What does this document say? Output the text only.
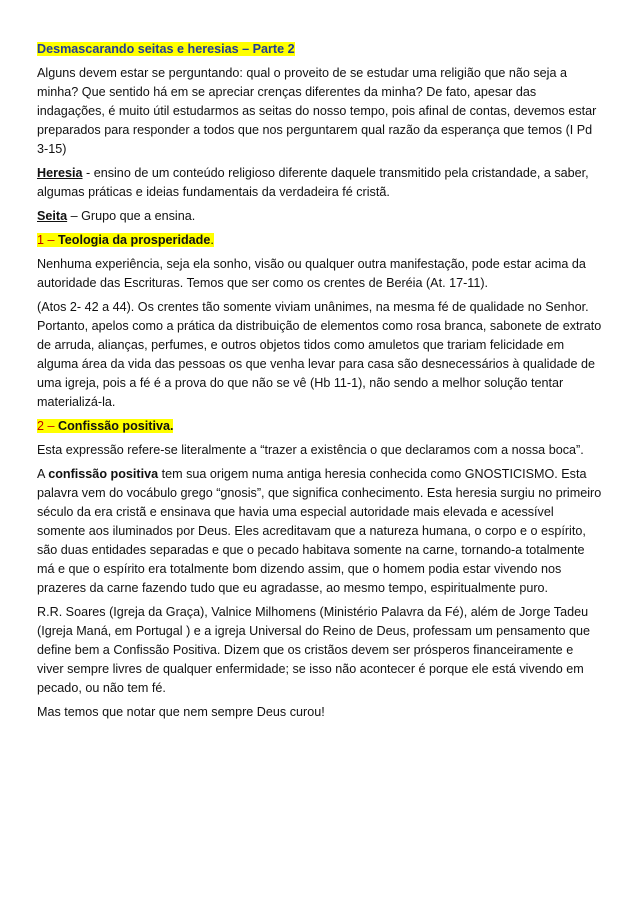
Desmascarando seitas e heresias – Parte 2

Alguns devem estar se perguntando: qual o proveito de se estudar uma religião que não seja a minha? Que sentido há em se apreciar crenças diferentes da minha? De fato, apesar das indagações, é muito útil estudarmos as seitas do nosso tempo, pois afinal de contas, devemos estar preparados para responder a todos que nos perguntarem qual razão da esperança que temos (I Pd 3-15)

Heresia - ensino de um conteúdo religioso diferente daquele transmitido pela cristandade, a saber, algumas práticas e ideias fundamentais da verdadeira fé cristã.

Seita – Grupo que a ensina.

1 – Teologia da prosperidade.

Nenhuma experiência, seja ela sonho, visão ou qualquer outra manifestação, pode estar acima da autoridade das Escrituras. Temos que ser como os crentes de Beréia (At. 17-11).

(Atos 2- 42 a 44). Os crentes tão somente viviam unânimes, na mesma fé de qualidade no Senhor. Portanto, apelos como a prática da distribuição de elementos como rosa branca, sabonete de extrato de arruda, alianças, perfumes, e outros objetos tidos como amuletos que trariam felicidade em alguma área da vida das pessoas os que venha levar para casa são desnecessários à qualidade de uma igreja, pois a fé é a prova do que não se vê (Hb 11-1), não sendo a melhor solução tentar materializá-la.

2 – Confissão positiva.

Esta expressão refere-se literalmente a “trazer a existência o que declaramos com a nossa boca”.

A confissão positiva tem sua origem numa antiga heresia conhecida como GNOSTICISMO. Esta palavra vem do vocábulo grego “gnosis”, que significa conhecimento. Esta heresia surgiu no primeiro século da era cristã e ensinava que havia uma especial autoridade mais elevada e acessível somente aos iluminados por Deus. Eles acreditavam que a natureza humana, o corpo e o espírito, são duas entidades separadas e que o pecado habitava somente na carne, tornando-a totalmente má e que o espírito era totalmente bom dizendo assim, que o homem podia estar vivendo nos prazeres da carne fazendo tudo que eu agradasse, ao mesmo tempo, espiritualmente puro.

R.R. Soares (Igreja da Graça), Valnice Milhomens (Ministério Palavra da Fé), além de Jorge Tadeu (Igreja Maná, em Portugal ) e a igreja Universal do Reino de Deus, professam um pensamento que define bem a Confissão Positiva. Dizem que os cristãos devem ser prósperos financeiramente e viver sempre livres de qualquer enfermidade; se isso não acontecer é porque ele está vivendo em pecado, ou não tem fé.

Mas temos que notar que nem sempre Deus curou!
